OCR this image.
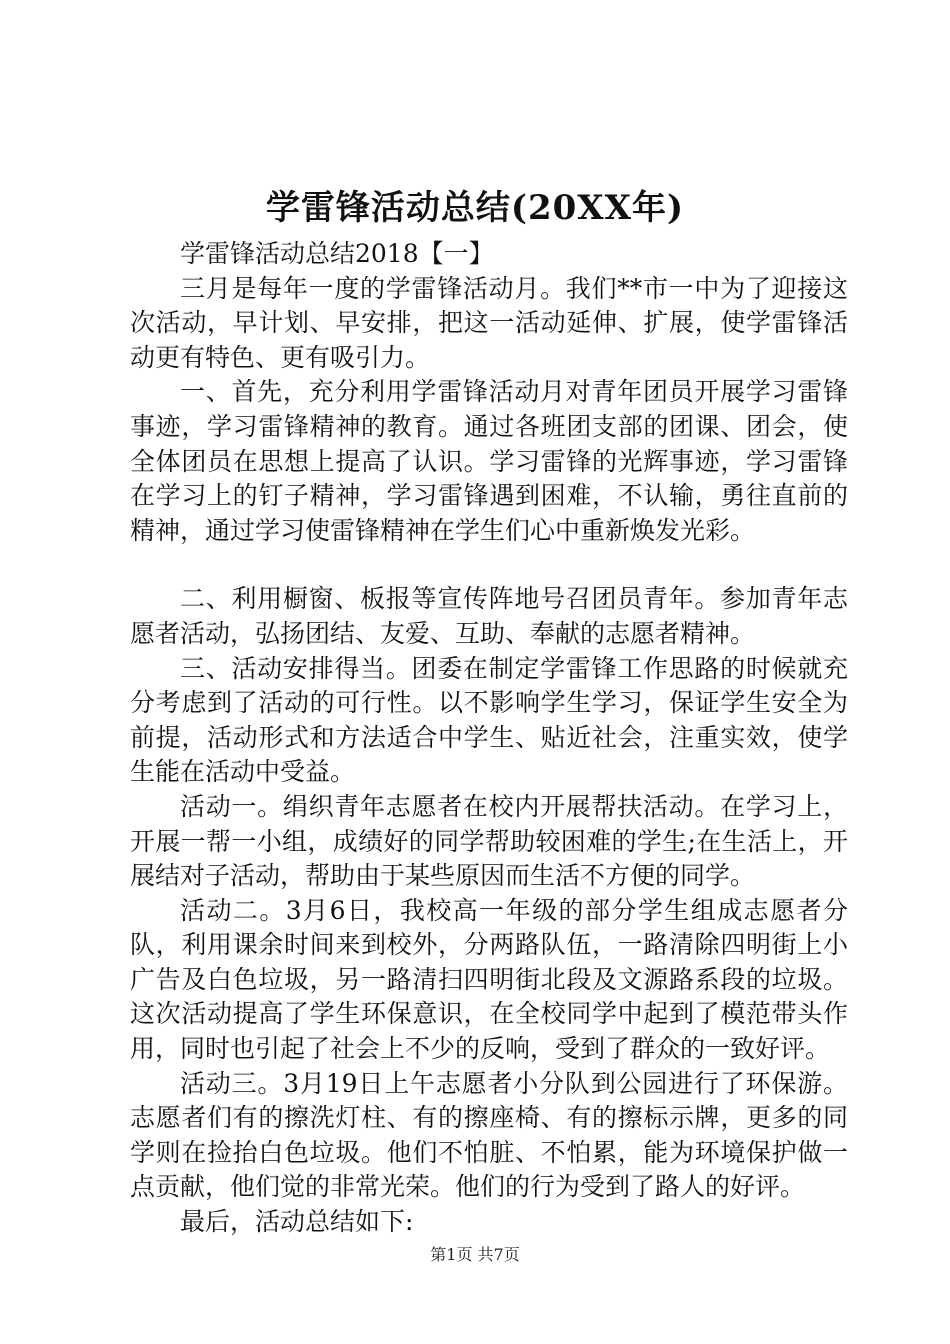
学雷锋活动总结(20XX年)

学雷锋活动总结2018【一】

三月是每年一度的学雷锋活动月。我们**市一中为了迎接这次活动，早计划、早安排，把这一活动延伸、扩展，使学雷锋活动更有特色、更有吸引力。

一、首先，充分利用学雷锋活动月对青年团员开展学习雷锋事迹，学习雷锋精神的教育。通过各班团支部的团课、团会，使全体团员在思想上提高了认识。学习雷锋的光辉事迹，学习雷锋在学习上的钉子精神，学习雷锋遇到困难，不认输，勇往直前的精神，通过学习使雷锋精神在学生们心中重新焕发光彩。

二、利用橱窗、板报等宣传阵地号召团员青年。参加青年志愿者活动，弘扬团结、友爱、互助、奉献的志愿者精神。

三、活动安排得当。团委在制定学雷锋工作思路的时候就充分考虑到了活动的可行性。以不影响学生学习，保证学生安全为前提，活动形式和方法适合中学生、贴近社会，注重实效，使学生能在活动中受益。

活动一。绢织青年志愿者在校内开展帮扶活动。在学习上，开展一帮一小组，成绩好的同学帮助较困难的学生;在生活上，开展结对子活动，帮助由于某些原因而生活不方便的同学。

活动二。3月6日，我校高一年级的部分学生组成志愿者分队，利用课余时间来到校外，分两路队伍，一路清除四明街上小广告及白色垃圾，另一路清扫四明街北段及文源路系段的垃圾。这次活动提高了学生环保意识，在全校同学中起到了模范带头作用，同时也引起了社会上不少的反响，受到了群众的一致好评。

活动三。3月19日上午志愿者小分队到公园进行了环保游。志愿者们有的擦洗灯柱、有的擦座椅、有的擦标示牌，更多的同学则在捡抬白色垃圾。他们不怕脏、不怕累，能为环境保护做一点贡献，他们觉的非常光荣。他们的行为受到了路人的好评。

最后，活动总结如下:

第1页 共7页
